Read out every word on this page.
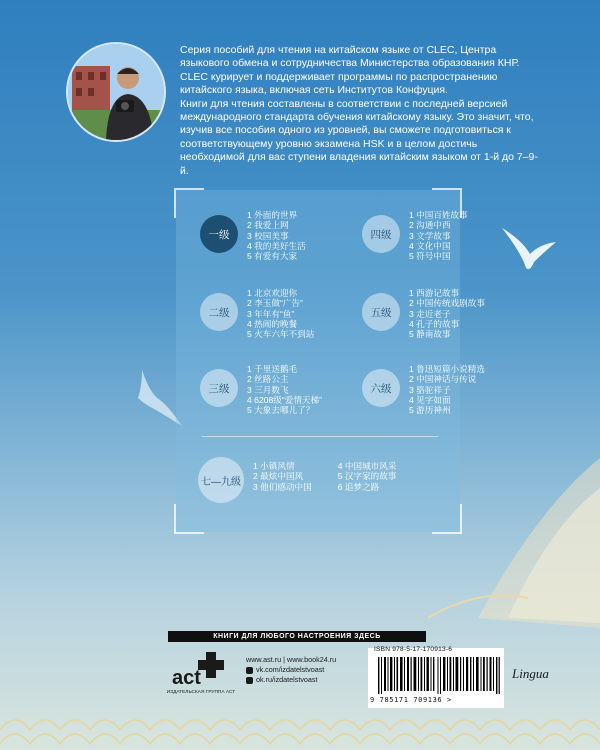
Серия пособий для чтения на китайском языке от CLEC, Центра языкового обмена и сотрудничества Министерства образования КНР. CLEC курирует и поддерживает программы по распространению китайского языка, включая сеть Институтов Конфуция.

Книги для чтения составлены в соответствии с последней версией международного стандарта обучения китайскому языку. Это значит, что, изучив все пособия одного из уровней, вы сможете подготовиться к соответствующему уровню экзамена HSK и в целом достичь необходимой для вас ступени владения китайским языком от 1-й до 7–9-й.

一级
1 外面的世界
2 我爱上网
3 校园美事
4 我的美好生活
5 有爱有大家
二级
1 北京欢迎你
2 李玉做“广告”
3 年年有“鱼”
4 热闹的晚餐
5 火车六年不到站
三级
1 千里送鹅毛
2 丝路公主
3 三月数飞
4 6208级“爱情天梯”
5 大象去哪儿了？
四级
1 中国百姓故事
2 沟通中西
3 文学故事
4 文化中国
5 符号中国
五级
1 西游记故事
2 中国传统戏剧故事
3 走近老子
4 孔子的故事
5 静南故事
六级
1 鲁迅短篇小说精选
2 中国神话与传说
3 骆驼祥子
4 见字如面
5 游历神州
七—九级
1 小镇风情
2 最炫中国风
3 他们感动中国
4 中国城市风采
5 汉字家的故事
6 追梦之路
КНИГИ ДЛЯ ЛЮБОГО НАСТРОЕНИЯ ЗДЕСЬ
act
ИЗДАТЕЛЬСКАЯ ГРУППА АСТ
www.ast.ru | www.book24.ru
vk.com/izdatelstvoast
ok.ru/izdatelstvoast
ISBN 978-5-17-170913-6
9 785171 709136 >
Lingua
